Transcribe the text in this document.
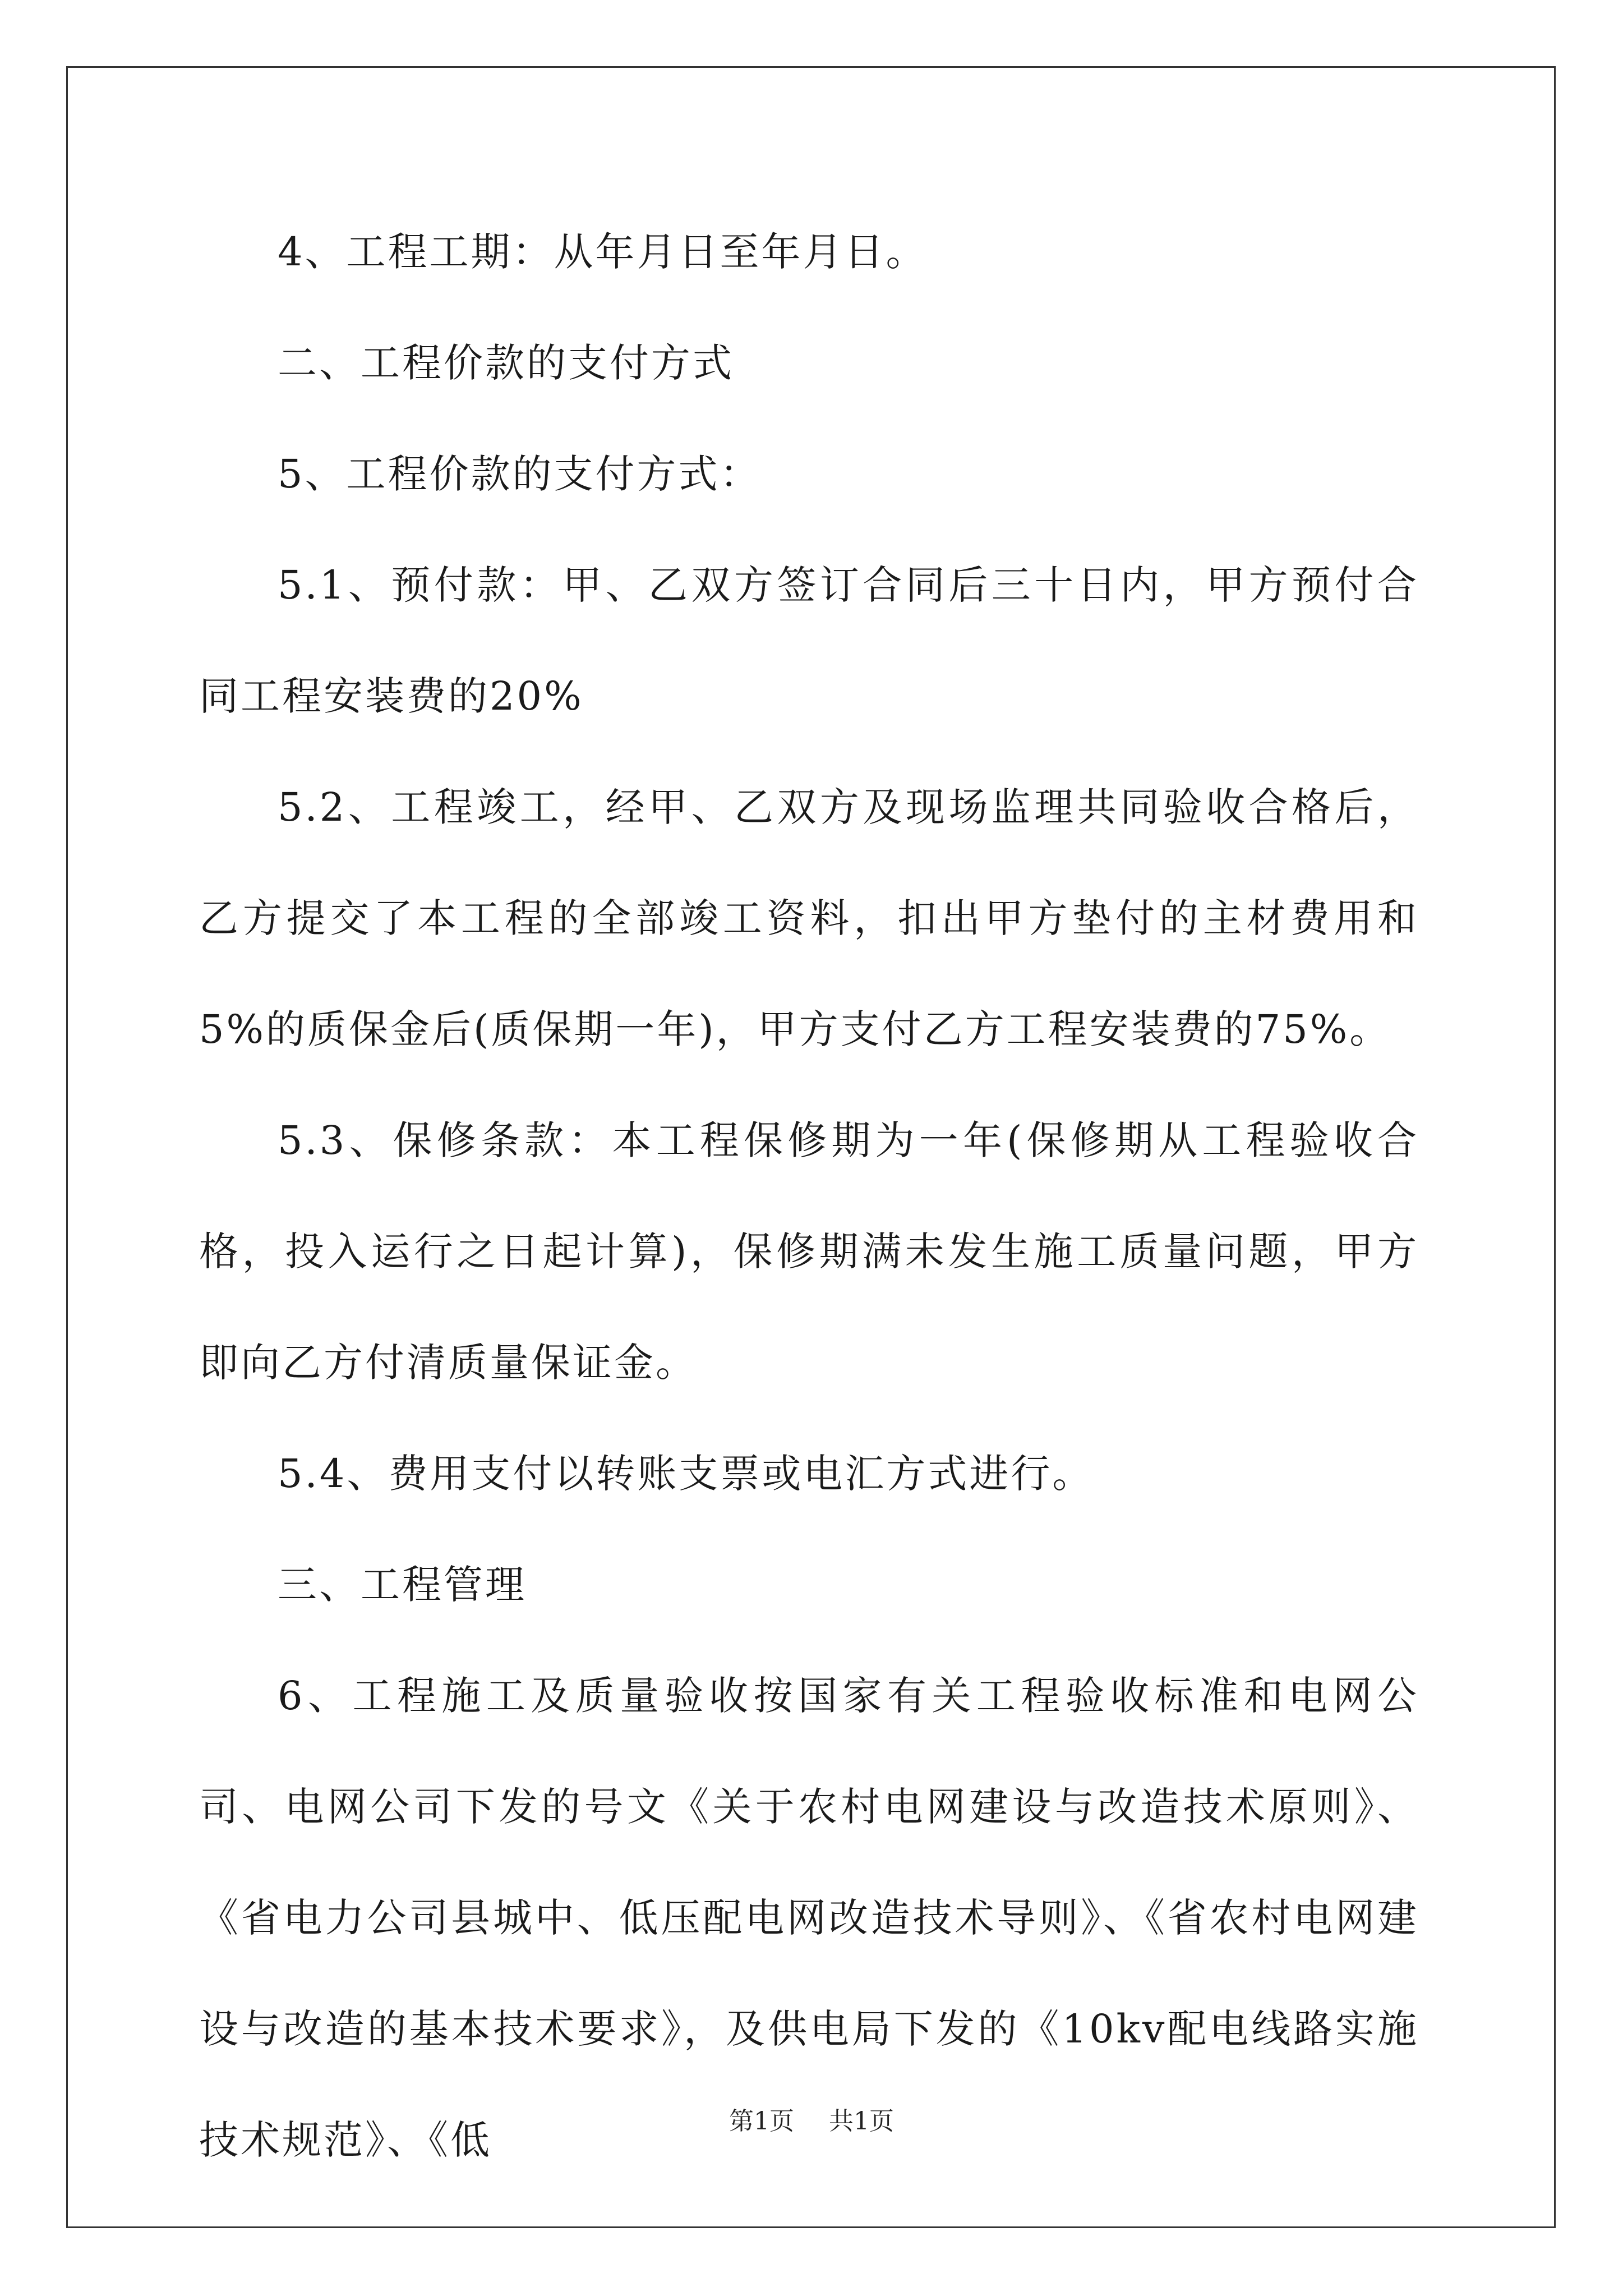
4、工程工期：从年月日至年月日。

二、工程价款的支付方式

5、工程价款的支付方式：

5.1、预付款：甲、乙双方签订合同后三十日内，甲方预付合同工程安装费的20%

5.2、工程竣工，经甲、乙双方及现场监理共同验收合格后，乙方提交了本工程的全部竣工资料，扣出甲方垫付的主材费用和5%的质保金后(质保期一年)，甲方支付乙方工程安装费的75%。

5.3、保修条款：本工程保修期为一年(保修期从工程验收合格，投入运行之日起计算)，保修期满未发生施工质量问题，甲方即向乙方付清质量保证金。

5.4、费用支付以转账支票或电汇方式进行。

三、工程管理

6、工程施工及质量验收按国家有关工程验收标准和电网公司、电网公司下发的号文《关于农村电网建设与改造技术原则》、《省电力公司县城中、低压配电网改造技术导则》、《省农村电网建设与改造的基本技术要求》，及供电局下发的《10kv配电线路实施技术规范》、《低	第1页 共1页
